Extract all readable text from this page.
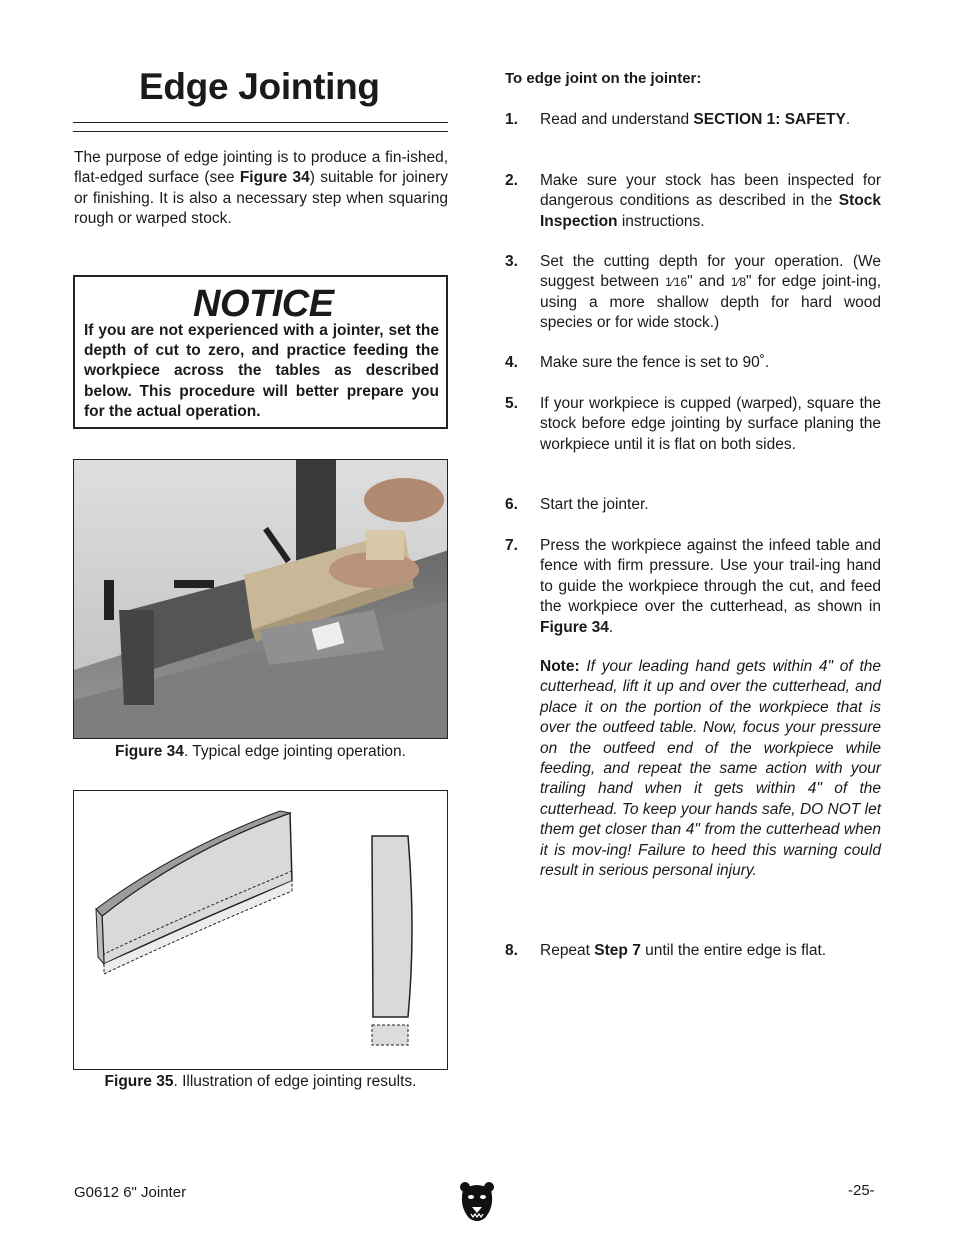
Edge Jointing
The purpose of edge jointing is to produce a fin-ished, flat-edged surface (see Figure 34) suitable for joinery or finishing. It is also a necessary step when squaring rough or warped stock.
NOTICE
If you are not experienced with a jointer, set the depth of cut to zero, and practice feeding the workpiece across the tables as described below. This procedure will better prepare you for the actual operation.
Figure 34. Typical edge jointing operation.
Figure 35. Illustration of edge jointing results.
To edge joint on the jointer:
1. Read and understand SECTION 1: SAFETY.
2. Make sure your stock has been inspected for dangerous conditions as described in the Stock Inspection instructions.
3. Set the cutting depth for your operation. (We suggest between 1⁄16" and 1⁄8" for edge joint-ing, using a more shallow depth for hard wood species or for wide stock.)
4. Make sure the fence is set to 90˚.
5. If your workpiece is cupped (warped), square the stock before edge jointing by surface planing the workpiece until it is flat on both sides.
6. Start the jointer.
7. Press the workpiece against the infeed table and fence with firm pressure. Use your trail-ing hand to guide the workpiece through the cut, and feed the workpiece over the cutterhead, as shown in Figure 34.
Note: If your leading hand gets within 4" of the cutterhead, lift it up and over the cutterhead, and place it on the portion of the workpiece that is over the outfeed table. Now, focus your pressure on the outfeed end of the workpiece while feeding, and repeat the same action with your trailing hand when it gets within 4" of the cutterhead. To keep your hands safe, DO NOT let them get closer than 4" from the cutterhead when it is mov-ing! Failure to heed this warning could result in serious personal injury.
8. Repeat Step 7 until the entire edge is flat.
G0612 6" Jointer	-25-
